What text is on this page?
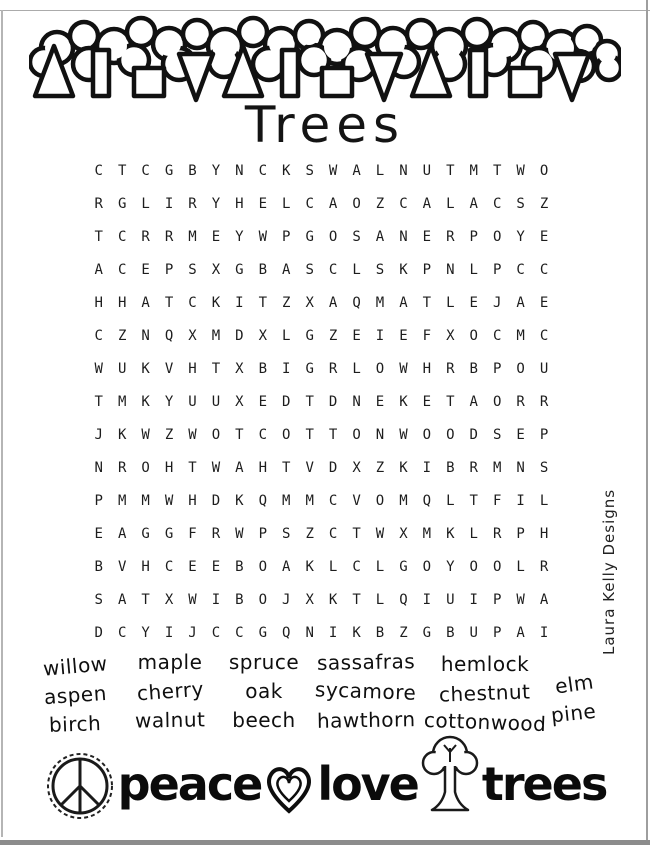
Trees
C	T	C	G	B	Y	N	C	K	S	W	A	L	N	U	T	M	T	W	O
R	G	L	I	R	Y	H	E	L	C	A	O	Z	C	A	L	A	C	S	Z
T	C	R	R	M	E	Y	W	P	G	O	S	A	N	E	R	P	O	Y	E
A	C	E	P	S	X	G	B	A	S	C	L	S	K	P	N	L	P	C	C
H	H	A	T	C	K	I	T	Z	X	A	Q	M	A	T	L	E	J	A	E
C	Z	N	Q	X	M	D	X	L	G	Z	E	I	E	F	X	O	C	M	C
W	U	K	V	H	T	X	B	I	G	R	L	O	W	H	R	B	P	O	U
T	M	K	Y	U	U	X	E	D	T	D	N	E	K	E	T	A	O	R	R
J	K	W	Z	W	O	T	C	O	T	T	O	N	W	O	O	D	S	E	P
N	R	O	H	T	W	A	H	T	V	D	X	Z	K	I	B	R	M	N	S
P	M	M	W	H	D	K	Q	M	M	C	V	O	M	Q	L	T	F	I	L
E	A	G	G	F	R	W	P	S	Z	C	T	W	X	M	K	L	R	P	H
B	V	H	C	E	E	B	O	A	K	L	C	L	G	O	Y	O	O	L	R
S	A	T	X	W	I	B	O	J	X	K	T	L	Q	I	U	I	P	W	A
D	C	Y	I	J	C	C	G	Q	N	I	K	B	Z	G	B	U	P	A	I
willow
aspen
birch
maple
cherry
walnut
spruce
oak
beech
sassafras
sycamore
hawthorn
hemlock
chestnut
cottonwood
elm
pine
peace love trees
Laura Kelly Designs
